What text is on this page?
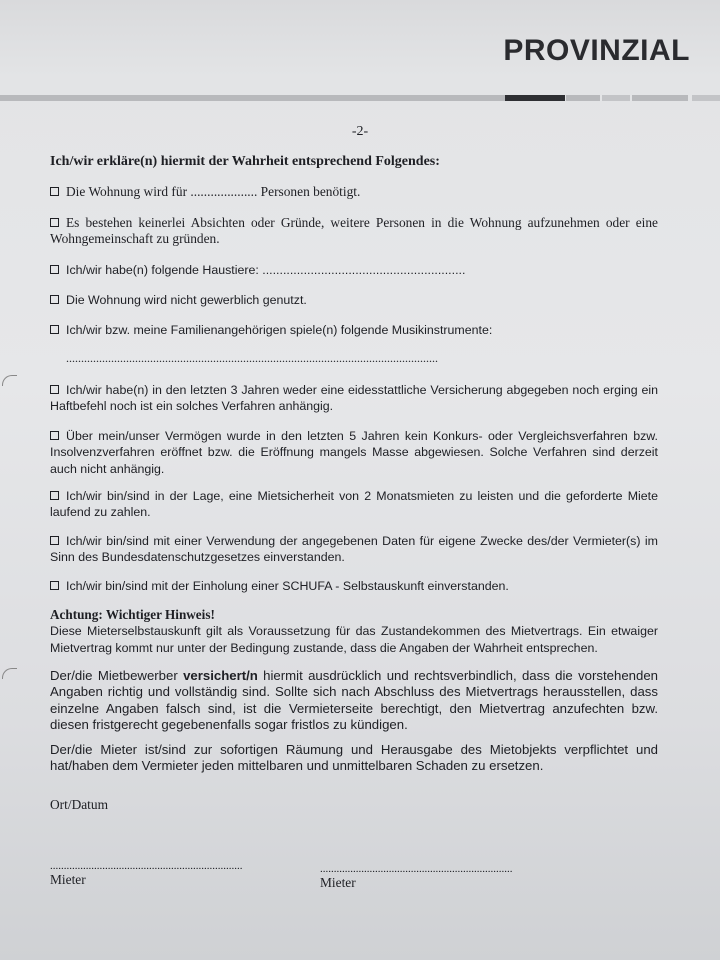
PROVINZIAL
-2-
Ich/wir erkläre(n) hiermit der Wahrheit entsprechend Folgendes:
Die Wohnung wird für .................... Personen benötigt.
Es bestehen keinerlei Absichten oder Gründe, weitere Personen in die Wohnung aufzunehmen oder eine Wohngemeinschaft zu gründen.
Ich/wir habe(n) folgende Haustiere: ...........................................................
Die Wohnung wird nicht gewerblich genutzt.
Ich/wir bzw. meine Familienangehörigen spiele(n) folgende Musikinstrumente:
............................................................................................................................
Ich/wir habe(n) in den letzten 3 Jahren weder eine eidesstattliche Versicherung abgegeben noch erging ein Haftbefehl noch ist ein solches Verfahren anhängig.
Über mein/unser Vermögen wurde in den letzten 5 Jahren kein Konkurs- oder Vergleichsverfahren bzw. Insolvenzverfahren eröffnet bzw. die Eröffnung mangels Masse abgewiesen. Solche Verfahren sind derzeit auch nicht anhängig.
Ich/wir bin/sind in der Lage, eine Mietsicherheit von 2 Monatsmieten zu leisten und die geforderte Miete laufend zu zahlen.
Ich/wir bin/sind mit einer Verwendung der angegebenen Daten für eigene Zwecke des/der Vermieter(s) im Sinn des Bundesdatenschutzgesetzes einverstanden.
Ich/wir bin/sind mit der Einholung einer SCHUFA - Selbstauskunft einverstanden.
Achtung: Wichtiger Hinweis!
Diese Mieterselbstauskunft gilt als Voraussetzung für das Zustandekommen des Mietvertrags. Ein etwaiger Mietvertrag kommt nur unter der Bedingung zustande, dass die Angaben der Wahrheit entsprechen.
Der/die Mietbewerber versichert/n hiermit ausdrücklich und rechtsverbindlich, dass die vorstehenden Angaben richtig und vollständig sind. Sollte sich nach Abschluss des Mietvertrags herausstellen, dass einzelne Angaben falsch sind, ist die Vermieterseite berechtigt, den Mietvertrag anzufechten bzw. diesen fristgerecht gegebenenfalls sogar fristlos zu kündigen.
Der/die Mieter ist/sind zur sofortigen Räumung und Herausgabe des Mietobjekts verpflichtet und hat/haben dem Vermieter jeden mittelbaren und unmittelbaren Schaden zu ersetzen.
Ort/Datum
......................................................................
Mieter
......................................................................
Mieter
